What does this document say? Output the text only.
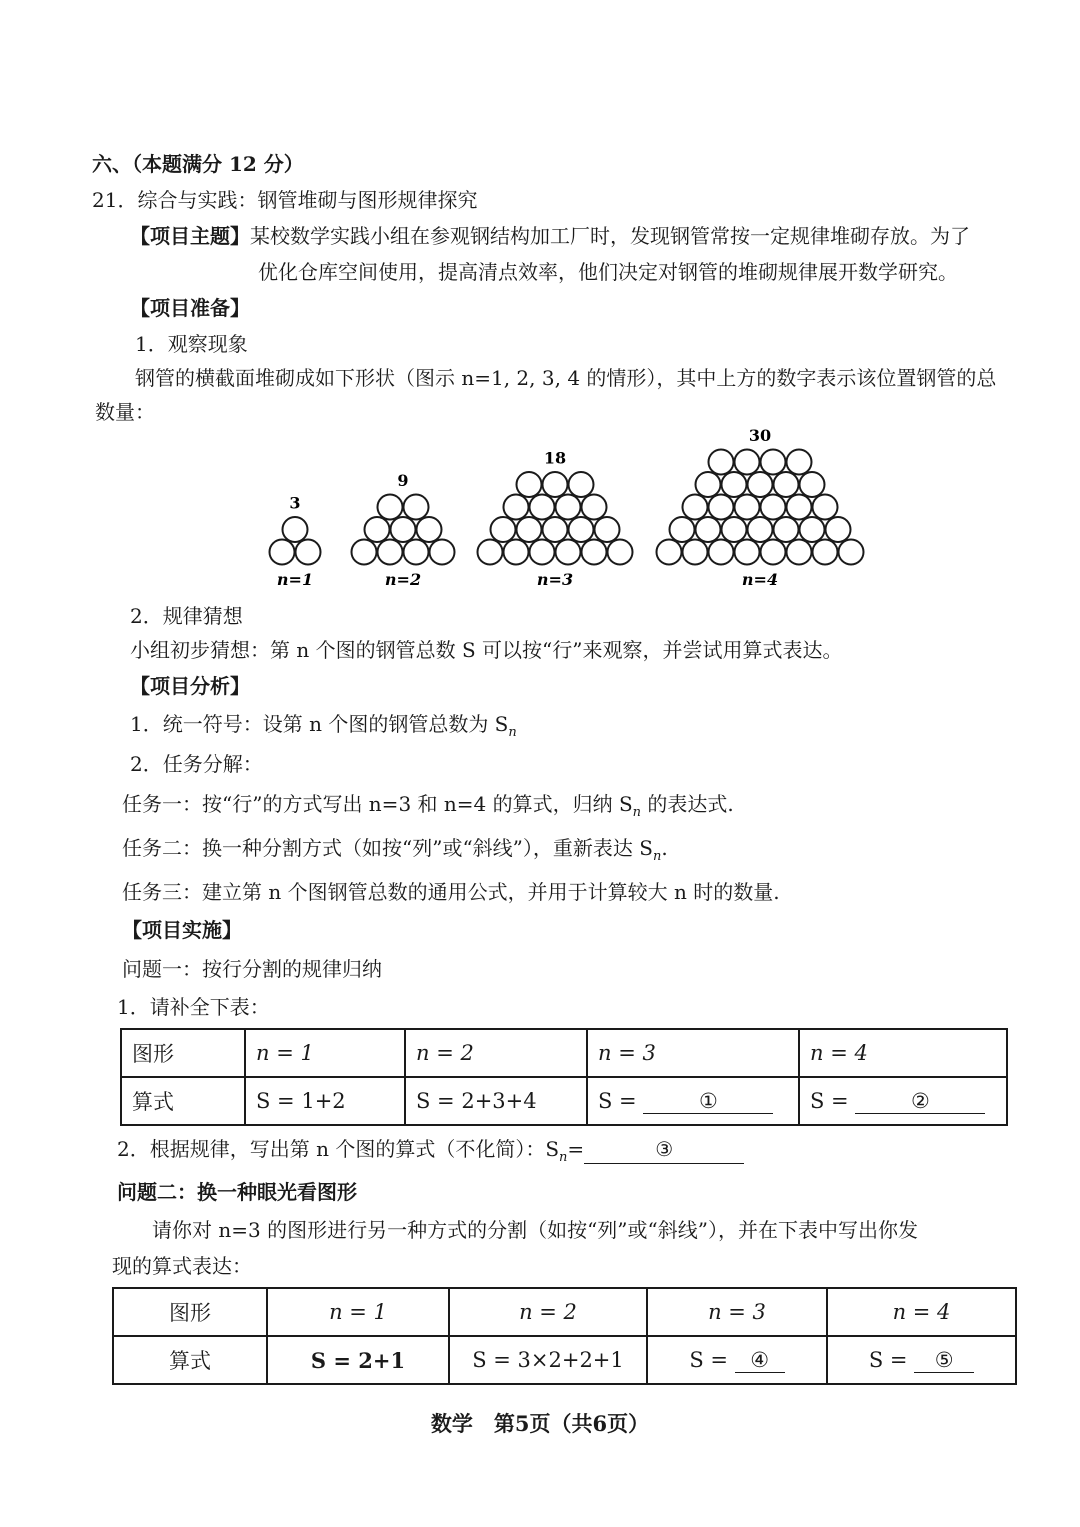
六、（本题满分 12 分）
21．综合与实践：钢管堆砌与图形规律探究
【项目主题】某校数学实践小组在参观钢结构加工厂时，发现钢管常按一定规律堆砌存放。为了
优化仓库空间使用，提高清点效率，他们决定对钢管的堆砌规律展开数学研究。
【项目准备】
1．观察现象
钢管的横截面堆砌成如下形状（图示 n=1, 2, 3, 4 的情形），其中上方的数字表示该位置钢管的总
数量：
3
n=1
9
n=2
18
n=3
30
n=4
2．规律猜想
小组初步猜想：第 n 个图的钢管总数 S 可以按“行”来观察，并尝试用算式表达。
【项目分析】
1．统一符号：设第 n 个图的钢管总数为 $S_n$
2．任务分解：
任务一：按“行”的方式写出 n=3 和 n=4 的算式，归纳 $S_n$ 的表达式.
任务二：换一种分割方式（如按“列”或“斜线”），重新表达 $S_n$.
任务三：建立第 n 个图钢管总数的通用公式，并用于计算较大 n 时的数量.
【项目实施】
问题一：按行分割的规律归纳
1．请补全下表：
图形	n = 1	n = 2	n = 3	n = 4
算式	S = 1+2	S = 2+3+4	S = ①	S = ②
2．根据规律，写出第 n 个图的算式（不化简）：$S_n=$	③
问题二：换一种眼光看图形
请你对 n=3 的图形进行另一种方式的分割（如按“列”或“斜线”），并在下表中写出你发
现的算式表达：
图形	n = 1	n = 2	n = 3	n = 4
算式	S = 2+1	S = 3×2+2+1	S = ④	S = ⑤
数学　第5页（共6页）
